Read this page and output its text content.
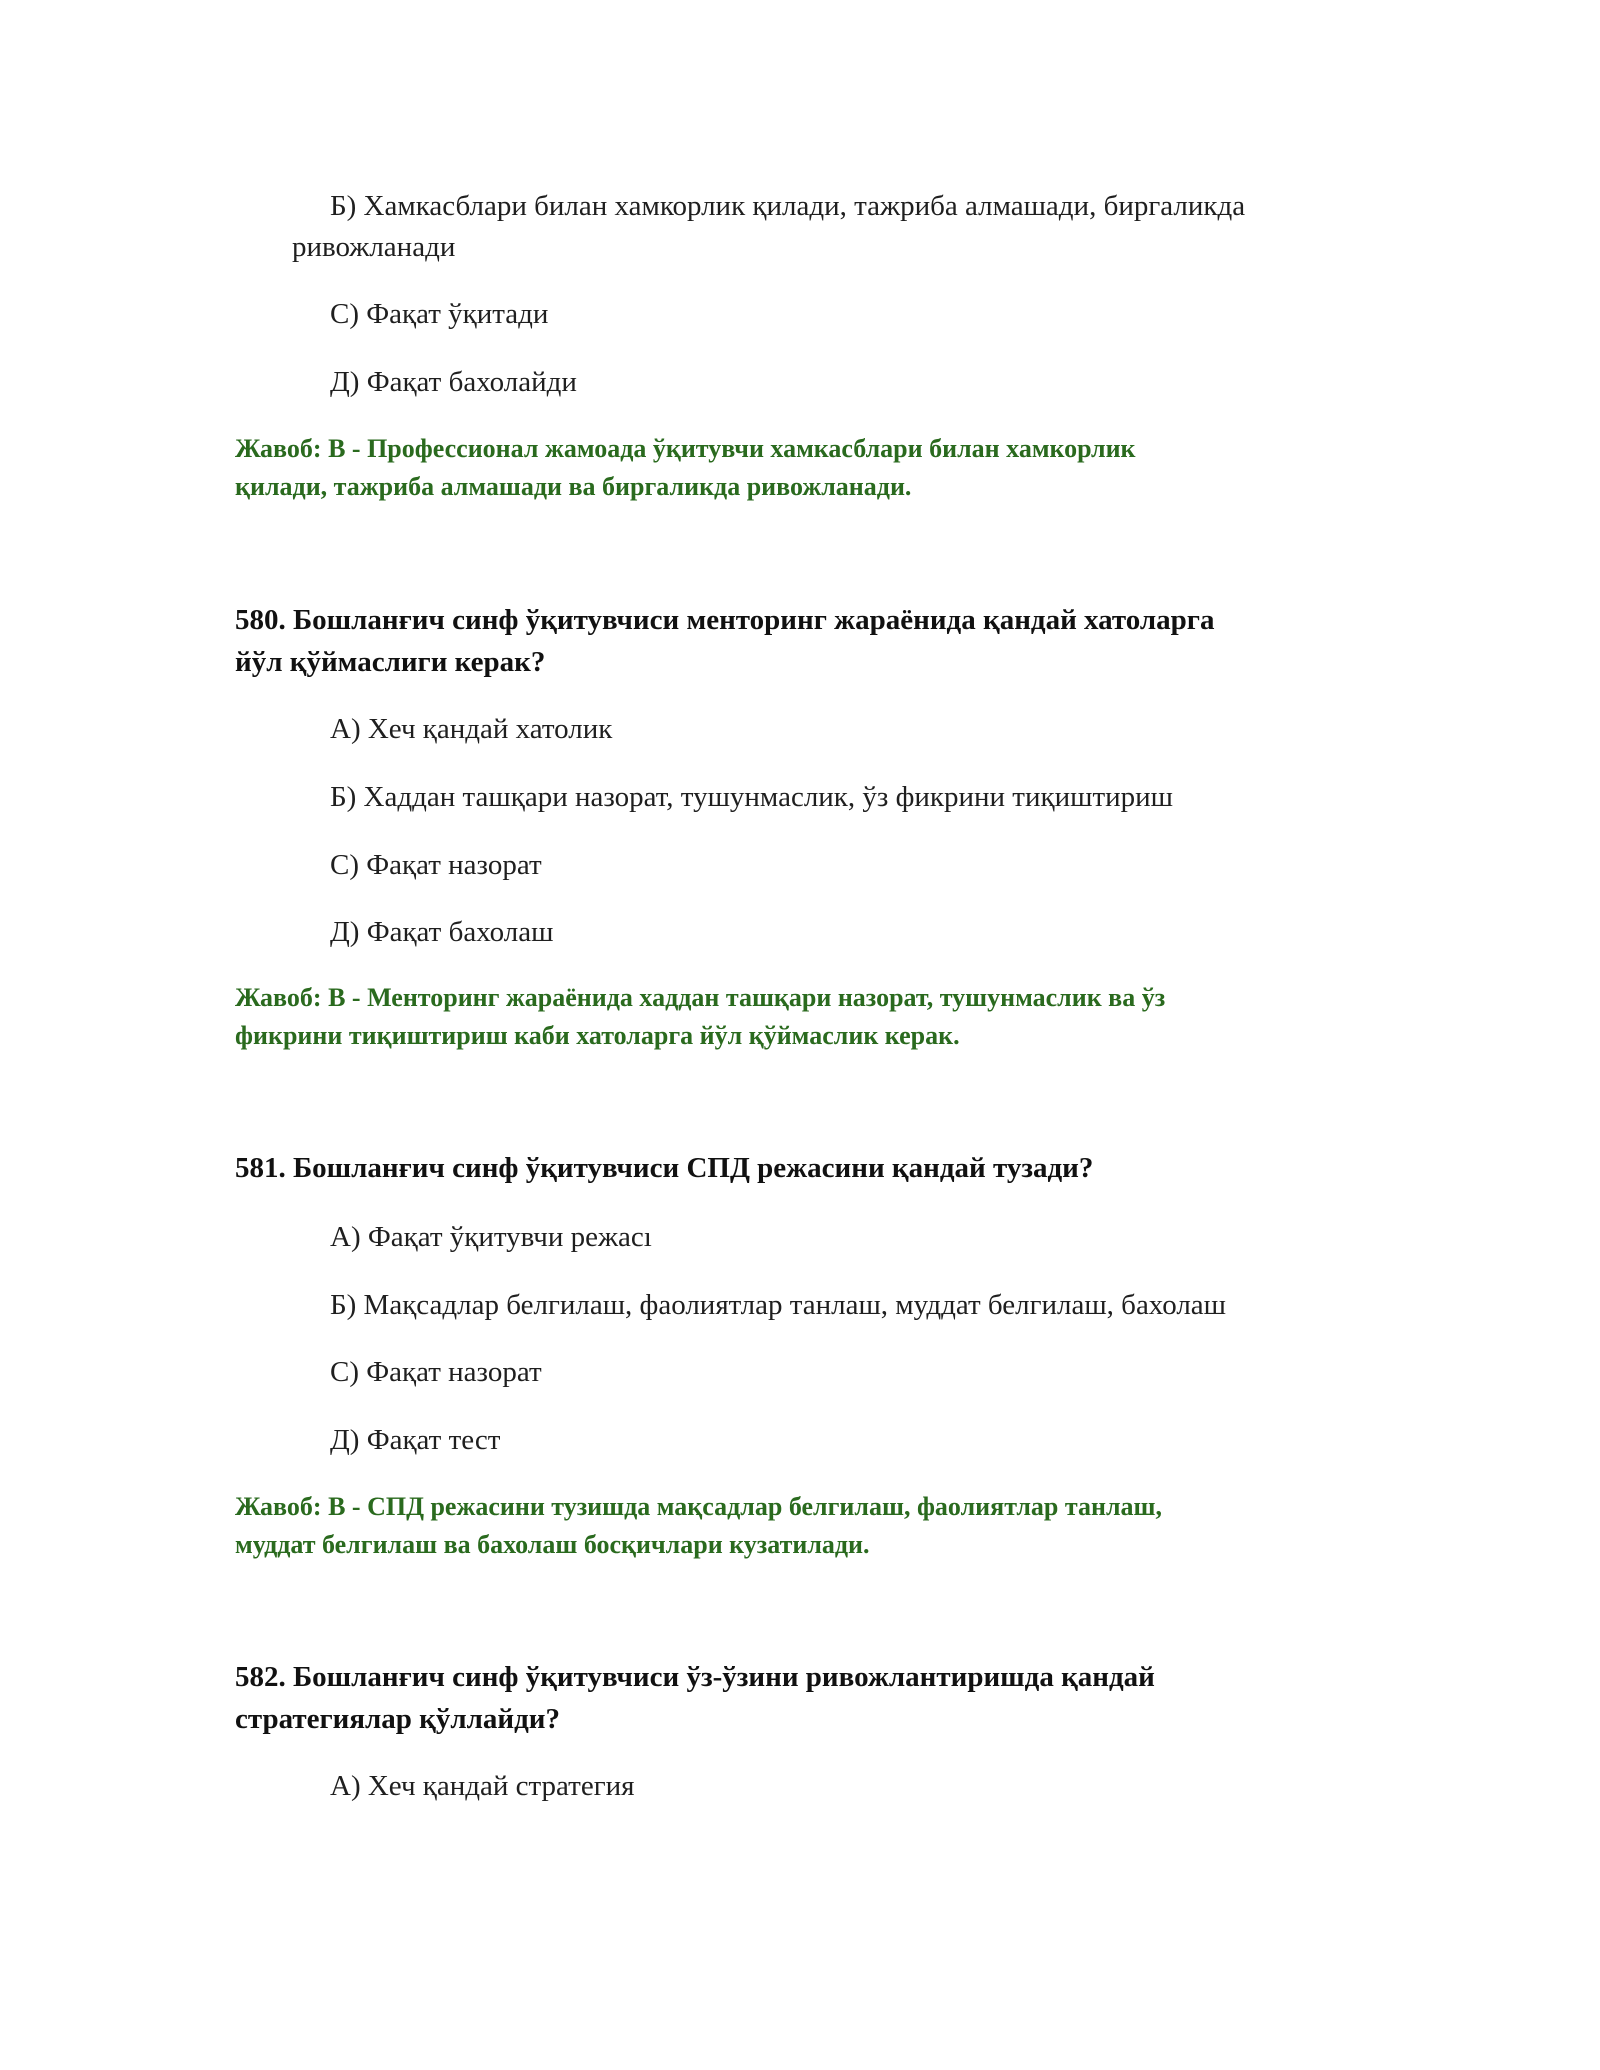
Б) Хамкасблари билан хамкорлик қилади, тажриба алмашади, биргаликда
ривожланади
С) Фақат ўқитади
Д) Фақат бахолайди
Жавоб: B - Профессионал жамоада ўқитувчи хамкасблари билан хамкорлик
қилади, тажриба алмашади ва биргаликда ривожланади.
580. Бошланғич синф ўқитувчиси менторинг жараёнида қандай хатоларга
йўл қўймаслиги керак?
А) Хеч қандай хатолик
Б) Хаддан ташқари назорат, тушунмаслик, ўз фикрини тиқиштириш
С) Фақат назорат
Д) Фақат бахолаш
Жавоб: B - Менторинг жараёнида хаддан ташқари назорат, тушунмаслик ва ўз
фикрини тиқиштириш каби хатоларга йўл қўймаслик керак.
581. Бошланғич синф ўқитувчиси СПД режасини қандай тузади?
А) Фақат ўқитувчи режасı
Б) Мақсадлар белгилаш, фаолиятлар танлаш, муддат белгилаш, бахолаш
С) Фақат назорат
Д) Фақат тест
Жавоб: B - СПД режасини тузишда мақсадлар белгилаш, фаолиятлар танлаш,
муддат белгилаш ва бахолаш босқичлари кузатилади.
582. Бошланғич синф ўқитувчиси ўз-ўзини ривожлантиришда қандай
стратегиялар қўллайди?
А) Хеч қандай стратегия
